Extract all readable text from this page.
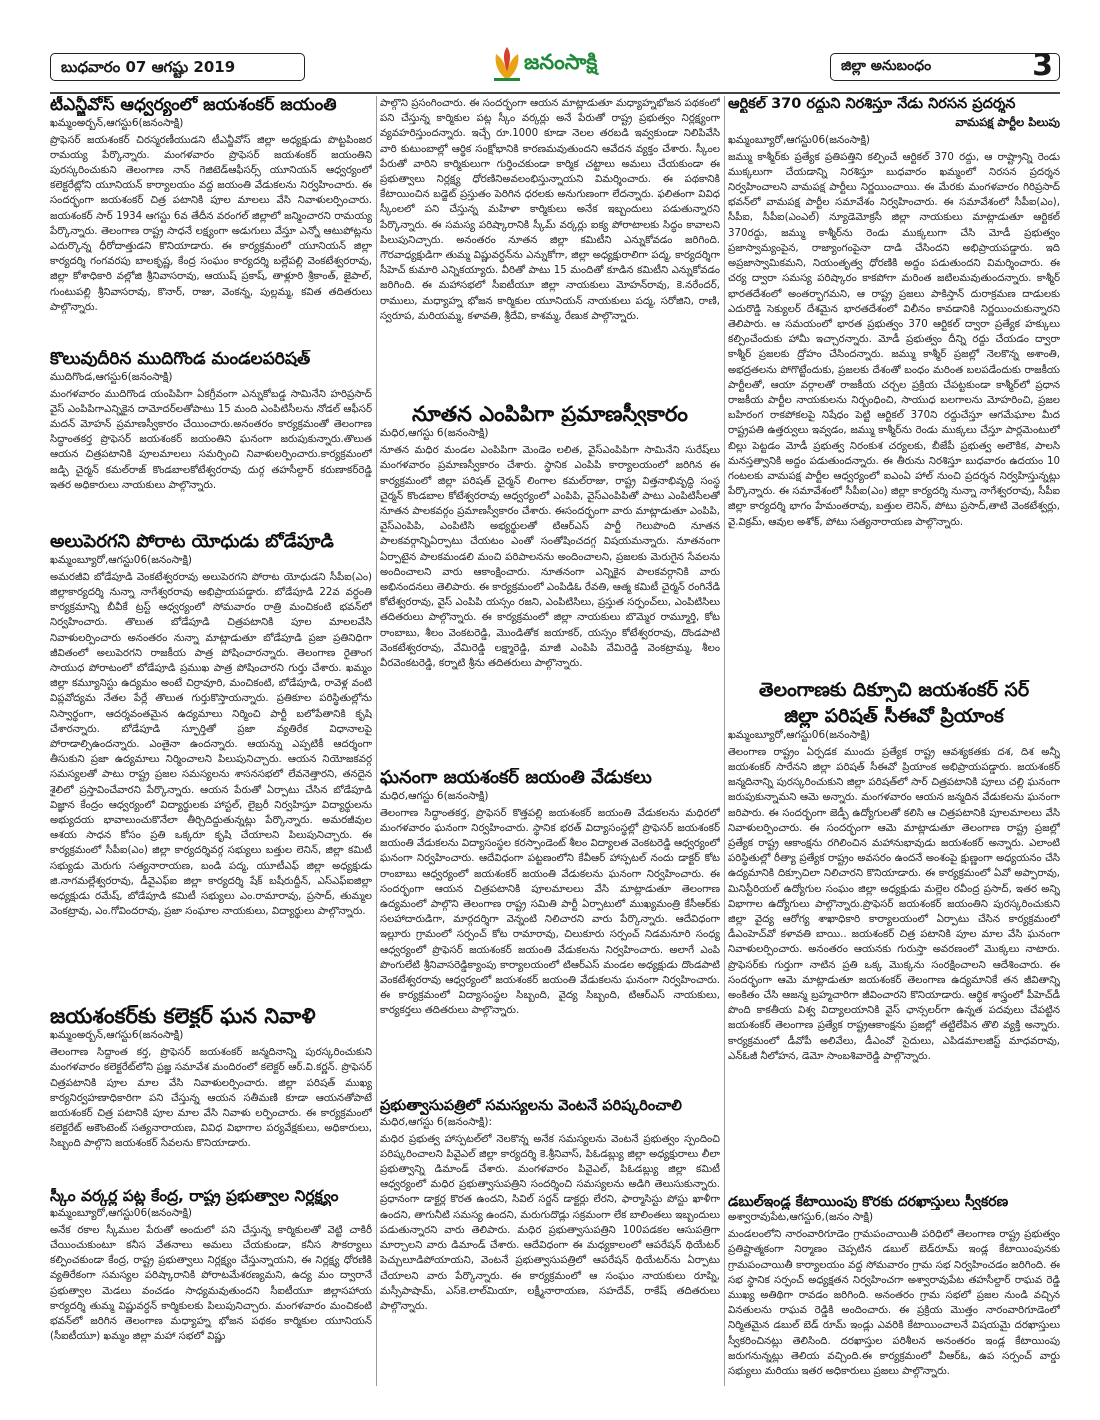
బుధవారం 07 ఆగష్టు 2019	జనంసాక్షి	జిల్లా అనుబంధం	3
టీఎన్జీవోస్ ఆధ్వర్యంలో జయశంకర్ జయంతి
ఖమ్మంఅర్బన్,ఆగస్టు6(జనంసాక్షి)
ప్రొఫెసర్ జయశంకర్ చిరస్మరణీయుడని టీఎన్జీవోస్ జిల్లా అధ్యక్షుడు పొట్టపింజర రామయ్య పేర్కొన్నారు. మంగళవారం ప్రొఫెసర్ జయశంకర్ జయంతిని పురస్కరించుకుని తెలంగాణ నాన్ గెజిటెడ్ఆఫీసర్స్ యూనియన్ ఆధ్వర్యంలో కలెక్టరేట్లోని యూనియన్ కార్యాలయం వద్ద జయంతి వేడుకలను నిర్వహించారు. ఈ సందర్భంగా జయశంకర్ చిత్ర పటానికి పూల మాలలు వేసి నివాళులర్పించారు. జయశంకర్ సార్ 1934 ఆగస్టు 6వ తేదీన వరంగల్ జిల్లాలో జన్మించారని రామయ్య పేర్కొన్నారు. తెలంగాణ రాష్ట్ర సాధనే లక్ష్యంగా అడుగులు వేస్తూ ఎన్నో ఆటుపోట్లను ఎదుర్కొన్న ధీరోదాత్తుడని కొనియాడారు. ఈ కార్యక్రమంలో యూనియన్ జిల్లా కార్యదర్శి గంగవరపు బాలకృష్ణ, కేంద్ర సంఘం కార్యదర్శి బల్లేపల్లి వెంకటేశ్వరరావు, జిల్లా కోశాధికారి వల్లోజి శ్రీనివాసరావు, ఆయుష్ ప్రకాష్, తాళ్లూరి శ్రీకాంత్, జైపాల్, గుంటుపల్లి శ్రీనివాసరావు, కొనార్, రాజు, వెంకన్న, పుల్లమ్మ, కవిత తదితరులు పాల్గొన్నారు.
కొలువుదీరిన ముదిగొండ మండలపరిషత్
ముదిగొండ,ఆగస్టు6(జనంసాక్షి)
మంగళవారం ముదిగొండ యంపిపిగా ఏకగ్రీవంగా ఎన్నుకోబడ్డ సామినేని హరిప్రసాద్ వైస్ ఎంపిపిగాఎన్నికైన దామోదర్‌లతోపాటు 15 మంది ఎంపిటిసీలను నోడల్ ఆఫీసర్ మదన్ మోహన్ ప్రమాణస్వీకారం చేయించారు.అనంతరం కార్యక్రమంతో తెలంగాణ సిద్ధాంతకర్త ప్రొఫెసర్ జయశంకర్ జయంతిని ఘనంగా జరుపుకున్నారు.తొలుత ఆయన చిత్రపటానికి పూలమాలలు సమర్పించి నివాళులర్పించారు.కార్యక్రమంలో జడ్పి చైర్మన్ కమల్‌రాజ్ కొండబాలకోటేశ్వరరావు దుర్గ తహసీల్దార్ కరుణాకర్‌రెడ్డి ఇతర అధికారులు నాయకులు పాల్గొన్నారు.
అలుపెరగని పోరాట యోధుడు బోడేపూడి
ఖమ్మంబ్యూరో,ఆగస్టు06(జనంసాక్షి)
అమరజీవి బోడేపూడి వెంకటేశ్వరరావు అలుపెరగని పోరాట యోధుడని సీపీఐ(ఎం) జిల్లాకార్యదర్శి నున్నా నాగేశ్వరరావు అభిప్రాయపడ్డారు. బోడేపూడి 22వ వర్ధంతి కార్యక్రమాన్ని బీవీకే ట్రస్ట్ ఆధ్వర్యంలో సోమవారం రాత్రి మంచికంటి భవన్‌లో నిర్వహించారు. తొలుత బోడేపూడి చిత్రపటానికి పూల మాలలవేసి నివాళులర్పించారు అనంతరం నున్నా మాట్లాడుతూ బోడేపూడి ప్రజా ప్రతినిధిగా జీవితంలో అలుపెరగని రాజకీయ పాత్ర పోషించారన్నారు. తెలంగాణ రైతాంగ సాయుధ పోరాటంలో బోడేపూడి ప్రముఖ పాత్ర పోషించారని గుర్తు చేశారు. ఖమ్మం జిల్లా కమ్యూనిస్టు ఉద్యమం అంటే చిర్రావూరి, మంచికంటి, బోడేపూడి, రావెళ్ల వంటి విప్లవోద్యమ నేతల పేర్లే తొలుత గుర్తుకొస్తాయన్నారు. ప్రతికూల పరిస్థితుల్లోను నిస్వార్థంగా, ఆదర్శవంతమైన ఉద్యమాలు నిర్మించి పార్టీ బలోపేతానికి కృషి చేశారన్నారు. బోడేపూడి స్ఫూర్తితో ప్రజా వ్యతిరేక విధానాలపై పోరాడాల్సిఉందన్నారు. ఎంతైనా ఉందన్నారు. ఆయన్ను ఎప్పటికీ ఆదర్శంగా తీసుకుని ప్రజా ఉద్యమాలు నిర్మించాలని పిలుపునిచ్చారు. ఆయన నియోజకవర్గ సమస్యలతో పాటు రాష్ట్ర ప్రజల సమస్యలను శాసనసభలో లేవనెత్తారని, తనదైన శైలిలో ప్రస్తావించేవారని పేర్కొన్నారు. ఆయన పేరుతో ఏర్పాటు చేసిన బోడేపూడి విజ్ఞాన కేంద్రం ఆధ్వర్యంలో విద్యార్థులకు హాస్టల్, లైబ్రరీ నిర్వహిస్తూ విద్యార్థులను అభ్యుదయ భావాలుంచుకొనేలా తీర్చిదిద్దుతున్నట్లు పేర్కొన్నారు. అమరజీవుల ఆశయ సాధన కోసం ప్రతి ఒక్కరూ కృషి చేయాలని పిలుపునిచ్చారు. ఈ కార్యక్రమంలో సీపీఐ(ఎం) జిల్లా కార్యదర్శివర్గ సభ్యులు బత్తుల లెనిన్, జిల్లా కమిటీ సభ్యుడు మెరుగు సత్యనారాయణ, బండి పద్మ, యూటీఎఫ్ జిల్లా అధ్యక్షుడు జి.నాగమల్లేశ్వరరావు, డీవైఎఫ్ఐ జిల్లా కార్యదర్శి షేక్ బషీరుద్దీన్, ఎస్ఎఫ్ఐజిల్లా అధ్యక్షుడు రమేష్, బోడేపూడి కమిటీ సభ్యులు ఎం.రామారావు, ప్రసాద్, తుమ్మల వెంకట్రావు, ఎం.గోవిందరావు, ప్రజా సంఘాల నాయకులు, విద్యార్థులు పాల్గొన్నారు.
జయశంకర్‌కు కలెక్టర్ ఘన నివాళి
ఖమ్మంఅర్బన్,ఆగస్టు6(జనంసాక్షి)
తెలంగాణ సిద్దాంత కర్త, ప్రొఫెసర్ జయశంకర్ జన్మదినాన్ని పురస్కరించుకుని మంగళవారం కలెక్టరేట్‌లోని ప్రజ్ఞ సమావేశ మందిరంలో కలెక్టర్ ఆర్.వి.కర్ణన్. ప్రొఫెసర్ చిత్రపటానికి పూల మాల వేసి నివాళులర్పించారు. జిల్లా పరిషత్ ముఖ్య కార్యనిర్వహణాధికారిగా పని చేస్తున్న ఆయన సతీమణి కూడా ఆయనతోపాటే జయశంకర్ చిత్ర పటానికి పూల మాల వేసి నివాళు లర్పించారు. ఈ కార్యక్రమంలో కలెక్టరేట్ అకౌంటెంట్ సత్యనారాయణ, వివిధ విభాగాల పర్యవేక్షకులు, అధికారులు, సిబ్బంది పాల్గొని జయశంకర్ సేవలను కొనియాడారు.
స్కీం వర్కర్ల పట్ల కేంద్ర, రాష్ట్ర ప్రభుత్వాల నిర్లక్ష్యం
ఖమ్మంబ్యూరో,ఆగస్టు06(జనంసాక్షి)
అనేక రకాల స్కీముల పేరుతో అందులో పని చేస్తున్న కార్మికులతో వెట్టి చాకిరీ చేయించుకుంటూ కనీస వేతనాలు అమలు చేయకుండా, కనీస సౌకర్యాలు కల్పించకుండా కేంద్ర, రాష్ట్ర ప్రభుత్వాలు నిర్లక్ష్యం చేస్తున్నాయని, ఈ నిర్లక్ష్య ధోరణికి వ్యతిరేకంగా సమస్యల పరిష్కారానికి పోరాటమేశరణ్యమని, ఉద్య మం ద్వారానే ప్రభుత్వాల మెడలు వంచడం సాధ్యమవుతుందని సీఐటీయూ జిల్లాసహాయ కార్యదర్శి తుమ్మ విష్ణువర్ధన్ కార్మికులకు పిలుపునిచ్చారు. మంగళవారం మంచికంటి భవన్‌లో జరిగిన తెలంగాణ మధ్యాహ్న భోజన పథకం కార్మికుల యూనియన్ (సీఐటీయూ) ఖమ్మం జిల్లా మహా సభలో విష్ణు
పాల్గొని ప్రసంగించారు. ఈ సందర్భంగా ఆయన మాట్లాడుతూ మధ్యాహ్నభోజన పథకంలో పని చేస్తున్న కార్మికుల పట్ల స్కీం వర్కర్లు అనే పేరుతో రాష్ట్ర ప్రభుత్వం నిర్లక్ష్యంగా వ్యవహరిస్తుందన్నారు. ఇచ్చే రూ.1000 కూడా నెలల తరబడి ఇవ్వకుండా నిలిపివేసి వారి కుటుంబాల్లో ఆర్థిక సంక్షోభానికి కారణమవుతుందని ఆవేదన వ్యక్తం చేశారు. స్కీంల పేరుతో వారిని కార్మికులుగా గుర్తించకుండా కార్మిక చట్టాలు అమలు చేయకుండా ఈ ప్రభుత్వాలు నిర్లక్ష్య ధోరణినిఅవలంభిస్తున్నాయని విమర్శించారు. ఈ పథకానికి కేటాయించిన బడ్జెట్ ప్రస్తుతం పెరిగిన ధరలకు అనుగుణంగా లేదన్నారు. ఫలితంగా వివిధ స్కీంలలో పని చేస్తున్న మహిళా కార్మికులు అనేక ఇబ్బందులు పడుతున్నారని పేర్కొన్నారు. ఈ సమస్య పరిష్కారానికి స్కీమ్ వర్కర్లు ఐక్య పోరాటాలకు సిద్ధం కావాలని పిలుపునిచ్చారు. అనంతరం నూతన జిల్లా కమిటీని ఎన్నుకోవడం జరిగింది. గౌరవాధ్యక్షుడిగా తుమ్మ విష్ణువర్ధన్‌ను ఎన్నుకోగా, జిల్లా అధ్యక్షురాలిగా పద్మ, కార్యదర్శిగా సీహెచ్ కుమారి ఎన్నికయ్యారు. వీరితో పాటు 15 మందితో కూడిన కమిటీని ఎన్నుకోవడం జరిగింది. ఈ మహాసభలో సీఐటీయూ జిల్లా నాయకులు మోహన్‌రావు, కె.నరేందర్, రాములు, మధ్యాహ్న భోజన కార్మికుల యూనియన్ నాయకులు పద్మ, సరోజిని, రాణి, స్వరూప, మరియమ్మ, కళావతి, శ్రీదేవి, కాశమ్మ, రేణుక పాల్గొన్నారు.
నూతన ఎంపిపిగా ప్రమాణస్వీకారం
మధిర,ఆగస్టు 6(జనంసాక్షి)
నూతన మధిర మండల ఎంపిపిగా మెండెం లలిత, వైస్ఎంపిపిగా సామినేని సురేష్‌లు మంగళవారం ప్రమాణస్వీకారం చేశారు. స్థానిక ఎంపిపి కార్యాలయంలో జరిగిన ఈ కార్యక్రమంలో జిల్లా పరిషత్ చైర్మన్ లింగాల కమల్‌రాజు, రాష్ట్ర విత్తనాభివృద్ధి సంస్థ చైర్మన్ కొండబాల కోటేశ్వరరావు ఆధ్వర్యంలో ఎంపిపి, వైస్ఎంపిపితో పాటు ఎంపిటిసీలతో నూతన పాలకవర్గం ప్రమాణస్వీకారం చేశారు. ఈసందర్భంగా వారు మాట్లాడుతూ ఎంపిపి, వైస్ఎంపిపి, ఎంపిటిసి అభ్యర్థులతో టిఆర్ఎస్ పార్టీ గెలుపొంది నూతన పాలకవర్గాన్నిఏర్పాటు చేయటం ఎంతో సంతోషించదగ్గ విషయమన్నారు. నూతనంగా ఏర్పాటైన పాలకమండలి మంచి పరిపాలనను అందించాలని, ప్రజలకు మెరుగైన సేవలను అందించాలని వారు ఆకాంక్షించారు. నూతనంగా ఎన్నికైన పాలకవర్గానికి వారు అభినందనలు తెలిపారు. ఈ కార్యక్రమంలో ఎంపిడిఓ రేవతి, ఆత్మ కమిటీ చైర్మన్ రంగినేడి కోటేశ్వరరావు, వైస్ ఎంపిపి యస్సం రజని, ఎంపిటిసిలు, ప్రస్తుత సర్పంచ్‌లు, ఎంపిటిసిలు తదితరులు పాల్గొన్నారు. ఈ కార్యక్రమంలో జిల్లా నాయకులు బొమ్మెర రామ్మూర్తి, కోట రాంబాబు, శీలం వెంకటరెడ్డి, మొండితోక జయాకర్, యస్సం కోటేశ్వరరావు, దొండపాటి వెంకటేశ్వరరావు, వేమిరెడ్డి లక్ష్మారెడ్డి, మాజీ ఎంపిపి వేమిరెడ్డి వెంకట్రామ్మ, శీలం వీరవెంకటరెడ్డి, కర్నాటి శ్రీను తదితరులు పాల్గొన్నారు.
ఘనంగా జయశంకర్ జయంతి వేడుకలు
మధిర,ఆగస్టు 6(జనంసాక్షి)
తెలంగాణ సిద్ధాంతకర్త, ప్రొఫెసర్ కొత్తపల్లి జయశంకర్ జయంతి వేడుకలను మధిరలో మంగళవారం ఘనంగా నిర్వహించారు. స్థానిక భరత్ విద్యాసంస్థల్లో ప్రొఫెసర్ జయశంకర్ జయంతి వేడుకలను విద్యాసంస్థల కరస్పాండెంట్ శీలం విద్యాలత వెంకటరెడ్డి ఆధ్వర్యంలో ఘనంగా నిర్వహించారు. ఆదేవిధంగా పట్టణంలోని కేవీఆర్ హాస్పటల్ నందు డాక్టర్ కోట రాంబాబు ఆధ్వర్యంలో జయశంకర్ జయంతి వేడుకలను ఘనంగా నిర్వహించారు. ఈ సందర్భంగా ఆయన చిత్రపటానికి పూలమాలలు వేసి మాట్లాడుతూ తెలంగాణ ఉద్యమంలో పాల్గొని తెలంగాణ రాష్ట్ర సమితి పార్టీ ఏర్పాటులో ముఖ్యమంత్రి కేసీఆర్‌కు సలహాదారుడిగా, మార్గదర్శిగా వెన్నంటి నిలిచారని వారు పేర్కొన్నారు. ఆదేవిధంగా ఇల్లూరు గ్రామంలో సర్పంచ్ కోట రామారావు, చిలుకూరు సర్పంచ్ నిడమనూరి సంధ్య ఆధ్వర్యంలో ప్రొఫెసర్ జయశంకర్ జయంతి వేడుకలను నిర్వహించారు. అలాగే ఎంపి పొంగులేటి శ్రీనివాసరెడ్డిక్యాంపు కార్యాలయంలో టిఆర్ఎస్ మండల అధ్యక్షుడు దొండపాటి వెంకటేశ్వరరావు ఆధ్వర్యంలో జయశంకర్ జయంతి వేడుకలను ఘనంగా నిర్వహించారు. ఈ కార్యక్రమంలో విద్యాసంస్థల సిబ్బంది, వైద్య సిబ్బంది, టిఆర్ఎస్ నాయకులు, కార్యకర్తలు తదితరులు పాల్గొన్నారు.
ప్రభుత్వాసుపత్రిలో సమస్యలను వెంటనే పరిష్కరించాలి
మధిర,ఆగస్టు 6(జనంసాక్షి):
మధిర ప్రభుత్వ హాస్పటల్‌లో నెలకొన్న అనేక సమస్యలను వెంటనే ప్రభుత్వం స్పందించి పరిష్కరించాలని పివైఎల్ జిల్లా కార్యదర్శి కె.శ్రీనివాస్, పిఓడబ్ల్యు జిల్లా అధ్యక్షురాలు లీలా ప్రభుత్వాన్ని డిమాండ్ చేశారు. మంగళవారం పివైఎల్, పిఓడబ్ల్యు జిల్లా కమిటీ ఆధ్వర్యంలో మధిర ప్రభుత్వాసుపత్రిని సందర్శించి సమస్యలను అడిగి తెలుసుకున్నారు. ప్రధానంగా డాక్టర్ల కొరత ఉందని, సివిల్ సర్జన్ డాక్టర్లు లేరని, ఫార్మాసిస్టు పోస్టు ఖాళీగా ఉందని, తాగునీటి సమస్య ఉందని, మరుగుదొడ్లు సక్రమంగా లేక బాలింతలు ఇబ్బందులు పడుతున్నారని వారు తెలిపారు. మధిర ప్రభుత్వాసుపత్రిని 100పడకల ఆసుపత్రిగా మార్చాలని వారు డిమాండ్ చేశారు. ఆదేవిధంగా ఈ మధ్యకాలంలో ఆపరేషన్ థియేటర్ పెచ్చులూడిపోయాయని, వెంటనే ప్రభుత్వాసుపత్రిలో ఆపరేషన్ థియేటర్‌ను ఏర్పాటు చేయాలని వారు పేర్కొన్నారు. ఈ కార్యక్రమంలో ఆ సంఘం నాయకులు రూప్ని, మస్సీపాషామ్, ఎస్‌కె.లాల్‌మియా, లక్ష్మీనారాయణ, సహదేవ్, రాకేష్ తదితరులు పాల్గొన్నారు.
ఆర్టికల్ 370 రద్దుని నిరశిస్తూ నేడు నిరసన ప్రదర్శన
వామపక్ష పార్టీల పిలుపు
ఖమ్మంబ్యూరో,ఆగస్టు06(జనంసాక్షి)
జమ్ము కాశ్మీర్‌కు ప్రత్యేక ప్రతిపత్తిని కల్పించే ఆర్టికల్ 370 రద్దు, ఆ రాష్ట్రాన్ని రెండు ముక్కలుగా చేయడాన్ని నిరశిస్తూ బుధవారం ఖమ్మంలో నిరసన ప్రదర్శన నిర్వహించాలని వామపక్ష పార్టీలు నిర్ణయించాయి. ఈ మేరకు మంగళవారం గిరిప్రసాద్ భవన్‌లో వామపక్ష పార్టీల సమావేశం నిర్వహించారు. ఈ సమావేశంలో సీపీఐ(ఎం), సీపీఐ, సీపీఐ(ఎంఎల్) న్యూడెమోక్రసీ జిల్లా నాయకులు మాట్లాడుతూ ఆర్టికల్ 370రద్దు, జమ్ము కాశ్మీర్‌ను రెండు ముక్కలుగా చేసి మోడీ ప్రభుత్వం ప్రజాస్వామ్యంపైన, రాజ్యాంగంపైనా దాడి చేసిందని అభిప్రాయపడ్డారు. ఇది అప్రజాస్వామికమని, నియంతృత్వ ధోరణికి అద్దం పడుతుందని విమర్శించారు. ఈ చర్య ద్వారా సమస్య పరిష్కారం కాకపోగా మరింత జటిలమవుతుందన్నారు. కాశ్మీర్ భారతదేశంలో అంతర్భాగమని, ఆ రాష్ట్ర ప్రజలు పాకిస్తాన్ దురాక్రమణ దాడులకు ఎదురొడ్డి సెక్యులర్ దేశమైన భారతదేశంలో విలీనం కావడానికి నిర్ణయించుకున్నారని తెలిపారు. ఆ సమయంలో భారత ప్రభుత్వం 370 ఆర్టికల్ ద్వారా ప్రత్యేక హక్కులు కల్పించేందుకు హామీ ఇచ్చారన్నారు. మోడీ ప్రభుత్వం దీన్ని రద్దు చేయడం ద్వారా కాశ్మీర్ ప్రజలకు ద్రోహం చేసిందన్నారు. జమ్ము కాశ్మీర్ ప్రజల్లో నెలకొన్న అశాంతి, అభద్రతలను పోగొట్టేందుకు, ప్రజలకు దేశంతో బంధం మరింత బలపడేందుకు రాజకీయ పార్టీలతో, ఆయా వర్గాలతో రాజకీయ చర్చల ప్రక్రియ చేపట్టకుండా కాశ్మీర్‌లో ప్రధాన రాజకీయ పార్టీల నాయకులను నిర్బంధించి, సాయుధ బలగాలను మోహరించి, ప్రజల బహిరంగ రాకపోకలపై నిషేధం పెట్టి ఆర్టికల్ 370ని రద్దుచేస్తూ ఆగమేఘాల మీద రాష్ట్రపతి ఉత్తర్వులు ఇవ్వడం, జమ్ము కాశ్మీర్‌ను రెండు ముక్కలు చేస్తూ పార్లమెంటులో బిల్లు పెట్టడం మోడీ ప్రభుత్వ నిరంకుశ చర్యలకు, బీజేపీ ప్రభుత్వ అలౌకిక, పాలసి మనస్తత్వానికి అద్దం పడుతుందన్నారు. ఈ తీరును నిరశిస్తూ బుధవారం ఉదయం 10 గంటలకు వామపక్ష పార్టీల ఆధ్వర్యంలో ఐఎంఏ హాల్ నుంచి ప్రదర్శన నిర్వహిస్తున్నట్లు పేర్కొన్నారు. ఈ సమావేశంలో సీపీఐ(ఎం) జిల్లా కార్యదర్శి నున్నా నాగేశ్వరరావు, సీపీఐ జిల్లా కార్యదర్శి భాగం హేమంతరావు, బత్తుల లెనిన్, పోటు ప్రసాద్,తాటి వెంకటేశ్వర్లు, వై.విక్రమ్, ఆవుల అశోక్, పోటు సత్యనారాయణ పాల్గొన్నారు.
తెలంగాణకు దిక్సూచి జయశంకర్ సర్
జిల్లా పరిషత్ సీఈవో ప్రియాంక
ఖమ్మంబ్యూరో,ఆగస్టు06(జనంసాక్షి)
తెలంగాణ రాష్ట్రం ఏర్పడక ముందు ప్రత్యేక రాష్ట్ర ఆవశ్యకతకు దశ, దిశ అన్నీ జయశంకర్ సారేనని జిల్లా పరిషత్ సీఈవో ప్రియాంక అభిప్రాయపడ్డారు. జయశంకర్ జన్మదినాన్ని పురస్కరించుకుని జిల్లా పరిషత్‌లో సార్ చిత్రపటానికి పూలు చల్లి ఘనంగా జరుపుకున్నామని ఆమె అన్నారు. మంగళవారం ఆయన జన్మదిన వేడుకలను ఘనంగా జరిపారు. ఈ సందర్భంగా జెడ్పీ ఉద్యోగులతో కలిసి ఆ చిత్రపటానికి పూలమాలలు వేసి నివాళులర్పించారు. ఈ సందర్భంగా ఆమె మాట్లాడుతూ తెలంగాణ రాష్ట్ర ప్రజల్లో ప్రత్యేక రాష్ట్ర ఆకాంక్షను రగిలించిన మహానుభావుడు జయశంకర్ అన్నారు. ఎలాంటి పరిస్థితుల్లో రీత్యా ప్రత్యేక రాష్ట్రం అవసరం ఉందనే అంశంపై క్షుణ్ణంగా అధ్యయనం చేసి ఉద్యమానికి దిక్సూచిలా నిలిచారని కొనియాడారు. ఈ కార్యక్రమంలో ఏవో అప్పారావు, మినిస్టీరియల్ ఉద్యోగుల సంఘం జిల్లా అధ్యక్షుడు మల్లెల రవీంద్ర ప్రసాద్, ఇతర అన్ని విభాగాల ఉద్యోగులు పాల్గొన్నారు.ప్రొఫెసర్ జయశంకర్ జయంతిని పురస్కరించుకుని జిల్లా వైద్య ఆరోగ్య శాఖాధికారి కార్యాలయంలో ఏర్పాటు చేసిన కార్యక్రమంలో డీఎంహెచ్‌వో కళావతి బాయి.. జయశంకర్ చిత్ర పటానికి పూల మాల వేసి ఘనంగా నివాళులర్పించారు. అనంతరం ఆయనకు గురుస్తా అవరణంలో మొక్కలు నాటారు. ప్రొఫెసర్‌కు గుర్తుగా నాటిన ప్రతి ఒక్క మొక్కను సంరక్షించాలని ఆదేశించారు. ఈ సందర్భంగా ఆమె మాట్లాడుతూ జయశంకర్ తెలంగాణ ఉద్యమానికే తన జీవితాన్ని అంకితం చేసి ఆజన్మ బ్రహ్మచారిగా జీవించారని కొనియాడారు. ఆర్థిక శాస్త్రంలో పీహెచ్‌డీ పొంది కాకతీయ విశ్వ విద్యాలయానికి వైస్ ఛాన్సలర్‌గా ఉన్నత పదవులు చేపట్టిన జయశంకర్ తెలంగాణ ప్రత్యేక రాష్ట్రఆకాంక్షను ప్రజల్లో తట్టిలేపిన తొలి వ్యక్తి అన్నారు. కార్యక్రమంలో డీవోపీ అలివేలు, డీఎంవో సైదులు, ఎపిడమాలజిస్ట్ మాధవరావు, ఎన్‌ఓజీ నీలోహన, డెమో సాంబశివారెడ్డి పాల్గొన్నారు.
డబుల్ఇండ్ల కేటాయింపు కొరకు దరఖాస్తులు స్వీకరణ
అశ్వారావుపేట,ఆగస్టు6,(జనం సాక్షి)
మండలంలోని నారంవారిగూడెం గ్రామపంచాయితీ పరిధిలో తెలంగాణ రాష్ట్ర ప్రభుత్వం ప్రతిష్టాత్మకంగా నిర్మాణం చెప్పటిన డబుల్ బెడ్‌రూమ్ ఇండ్ల కేటాయింపునకు గ్రామపంచాయితీ కార్యాలయం వద్ద సోమవారం గ్రామ సభ నిర్వహించడం జరిగింది. ఈ సభ స్థానిక సర్పంచ్ అధ్యక్షతన నిర్వహించగా అశ్వారావుపేట తహసీల్దార్ రాఘవ రెడ్డి ముఖ్య అతిథిగా రావడం జరిగింది. అనంతరం గ్రామ సభలో ప్రజల నుండి వచ్చిన వినతులను రాఘవ రెడ్డికి అందించారు. ఈ ప్రక్రియ మొత్తం నారంవారిగూడెంలో నిర్మితమైన డబుల్ బెడ్ రూమ్ ఇండ్లు ఎవరికి కేటాయించాలనే విషయమై దరఖాస్తులు స్వీకరించినట్లు తెలిసింది. దరఖాస్తుల పరిశీలన అనంతరం ఇండ్ల కేటాయింపు జరుగనున్నట్లు తెలియ వచ్చింది.ఈ కార్యక్రమంలో వీఆర్ఓ, ఉప సర్పంచ్ వార్డు సభ్యులు మరియు ఇతర అధికారులు ప్రజలు పాల్గొన్నారు.
